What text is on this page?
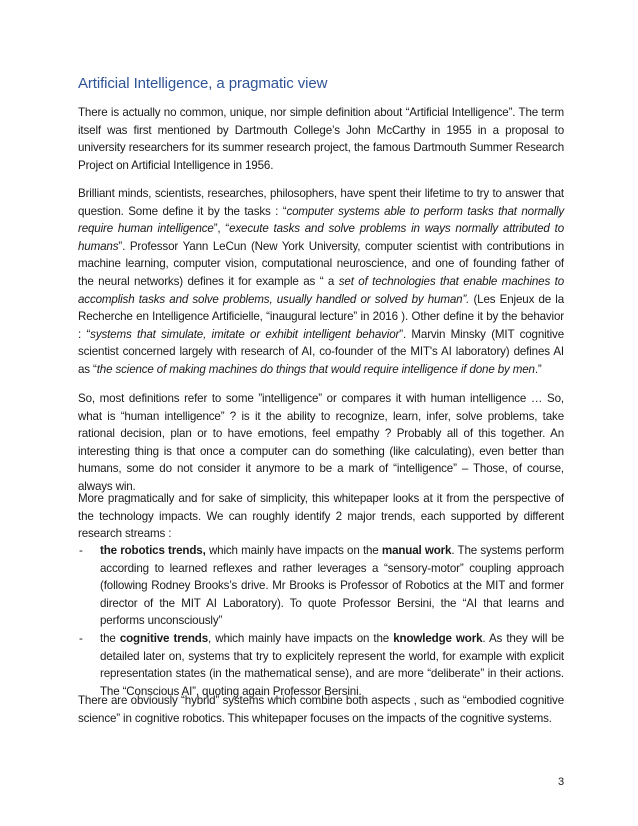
Artificial Intelligence, a pragmatic view

There is actually no common, unique, nor simple definition about “Artificial Intelligence”. The term itself was first mentioned by Dartmouth College’s John McCarthy in 1955 in a proposal to university researchers for its summer research project, the famous Dartmouth Summer Research Project on Artificial Intelligence in 1956.

Brilliant minds, scientists, researches, philosophers, have spent their lifetime to try to answer that question. Some define it by the tasks : “computer systems able to perform tasks that normally require human intelligence”, “execute tasks and solve problems in ways normally attributed to humans”. Professor Yann LeCun (New York University, computer scientist with contributions in machine learning, computer vision, computational neuroscience, and one of founding father of the neural networks) defines it for example as “ a set of technologies that enable machines to accomplish tasks and solve problems, usually handled or solved by human”. (Les Enjeux de la Recherche en Intelligence Artificielle, “inaugural lecture” in 2016 ). Other define it by the behavior : “systems that simulate, imitate or exhibit intelligent behavior”. Marvin Minsky (MIT cognitive scientist concerned largely with research of AI, co-founder of the MIT's AI laboratory) defines AI as “the science of making machines do things that would require intelligence if done by men.”

So, most definitions refer to some ”intelligence” or compares it with human intelligence … So, what is “human intelligence” ? is it the ability to recognize, learn, infer, solve problems, take rational decision, plan or to have emotions, feel empathy ? Probably all of this together. An interesting thing is that once a computer can do something (like calculating), even better than humans, some do not consider it anymore to be a mark of “intelligence” – Those, of course, always win.

More pragmatically and for sake of simplicity, this whitepaper looks at it from the perspective of the technology impacts. We can roughly identify 2 major trends, each supported by different research streams :

- the robotics trends, which mainly have impacts on the manual work. The systems perform according to learned reflexes and rather leverages a “sensory-motor” coupling approach (following Rodney Brooks’s drive. Mr Brooks is Professor of Robotics at the MIT and former director of the MIT AI Laboratory). To quote Professor Bersini, the “AI that learns and performs unconsciously”
- the cognitive trends, which mainly have impacts on the knowledge work. As they will be detailed later on, systems that try to explicitely represent the world, for example with explicit representation states (in the mathematical sense), and are more “deliberate” in their actions. The “Conscious AI”, quoting again Professor Bersini.

There are obviously “hybrid” systems which combine both aspects , such as “embodied cognitive science” in cognitive robotics. This whitepaper focuses on the impacts of the cognitive systems.

3
